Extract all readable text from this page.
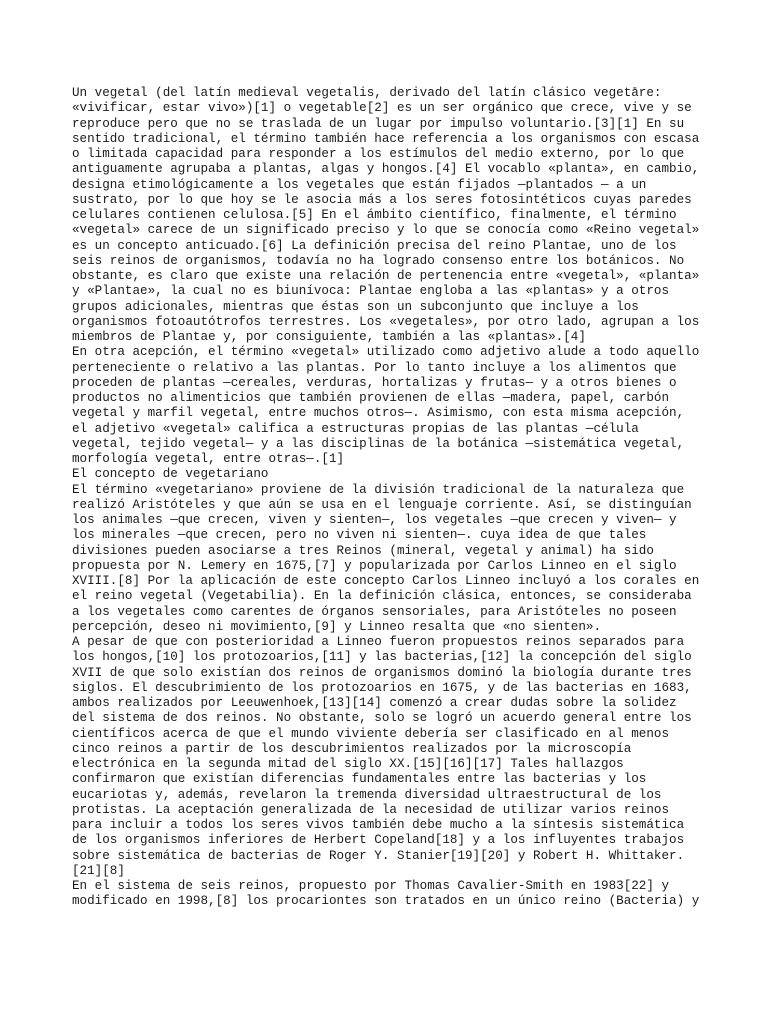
Un vegetal (del latín medieval vegetalis, derivado del latín clásico vegetāre:
«vivificar, estar vivo»)[1] o vegetable[2] es un ser orgánico que crece, vive y se
reproduce pero que no se traslada de un lugar por impulso voluntario.[3][1] En su
sentido tradicional, el término también hace referencia a los organismos con escasa
o limitada capacidad para responder a los estímulos del medio externo, por lo que
antiguamente agrupaba a plantas, algas y hongos.[4] El vocablo «planta», en cambio,
designa etimológicamente a los vegetales que están fijados —plantados — a un
sustrato, por lo que hoy se le asocia más a los seres fotosintéticos cuyas paredes
celulares contienen celulosa.[5] En el ámbito científico, finalmente, el término
«vegetal» carece de un significado preciso y lo que se conocía como «Reino vegetal»
es un concepto anticuado.[6] La definición precisa del reino Plantae, uno de los
seis reinos de organismos, todavía no ha logrado consenso entre los botánicos. No
obstante, es claro que existe una relación de pertenencia entre «vegetal», «planta»
y «Plantae», la cual no es biunívoca: Plantae engloba a las «plantas» y a otros
grupos adicionales, mientras que éstas son un subconjunto que incluye a los
organismos fotoautótrofos terrestres. Los «vegetales», por otro lado, agrupan a los
miembros de Plantae y, por consiguiente, también a las «plantas».[4]
En otra acepción, el término «vegetal» utilizado como adjetivo alude a todo aquello
perteneciente o relativo a las plantas. Por lo tanto incluye a los alimentos que
proceden de plantas —cereales, verduras, hortalizas y frutas— y a otros bienes o
productos no alimenticios que también provienen de ellas —madera, papel, carbón
vegetal y marfil vegetal, entre muchos otros—. Asimismo, con esta misma acepción,
el adjetivo «vegetal» califica a estructuras propias de las plantas —célula
vegetal, tejido vegetal— y a las disciplinas de la botánica —sistemática vegetal,
morfología vegetal, entre otras—.[1]
El concepto de vegetariano
El término «vegetariano» proviene de la división tradicional de la naturaleza que
realizó Aristóteles y que aún se usa en el lenguaje corriente. Así, se distinguían
los animales —que crecen, viven y sienten—, los vegetales —que crecen y viven— y
los minerales —que crecen, pero no viven ni sienten—. cuya idea de que tales
divisiones pueden asociarse a tres Reinos (mineral, vegetal y animal) ha sido
propuesta por N. Lemery en 1675,[7] y popularizada por Carlos Linneo en el siglo
XVIII.[8] Por la aplicación de este concepto Carlos Linneo incluyó a los corales en
el reino vegetal (Vegetabilia). En la definición clásica, entonces, se consideraba
a los vegetales como carentes de órganos sensoriales, para Aristóteles no poseen
percepción, deseo ni movimiento,[9] y Linneo resalta que «no sienten».
A pesar de que con posterioridad a Linneo fueron propuestos reinos separados para
los hongos,[10] los protozoarios,[11] y las bacterias,[12] la concepción del siglo
XVII de que solo existían dos reinos de organismos dominó la biología durante tres
siglos. El descubrimiento de los protozoarios en 1675, y de las bacterias en 1683,
ambos realizados por Leeuwenhoek,[13][14] comenzó a crear dudas sobre la solidez
del sistema de dos reinos. No obstante, solo se logró un acuerdo general entre los
científicos acerca de que el mundo viviente debería ser clasificado en al menos
cinco reinos a partir de los descubrimientos realizados por la microscopía
electrónica en la segunda mitad del siglo XX.[15][16][17] Tales hallazgos
confirmaron que existían diferencias fundamentales entre las bacterias y los
eucariotas y, además, revelaron la tremenda diversidad ultraestructural de los
protistas. La aceptación generalizada de la necesidad de utilizar varios reinos
para incluir a todos los seres vivos también debe mucho a la síntesis sistemática
de los organismos inferiores de Herbert Copeland[18] y a los influyentes trabajos
sobre sistemática de bacterias de Roger Y. Stanier[19][20] y Robert H. Whittaker.
[21][8]
En el sistema de seis reinos, propuesto por Thomas Cavalier-Smith en 1983[22] y
modificado en 1998,[8] los procariontes son tratados en un único reino (Bacteria) y
